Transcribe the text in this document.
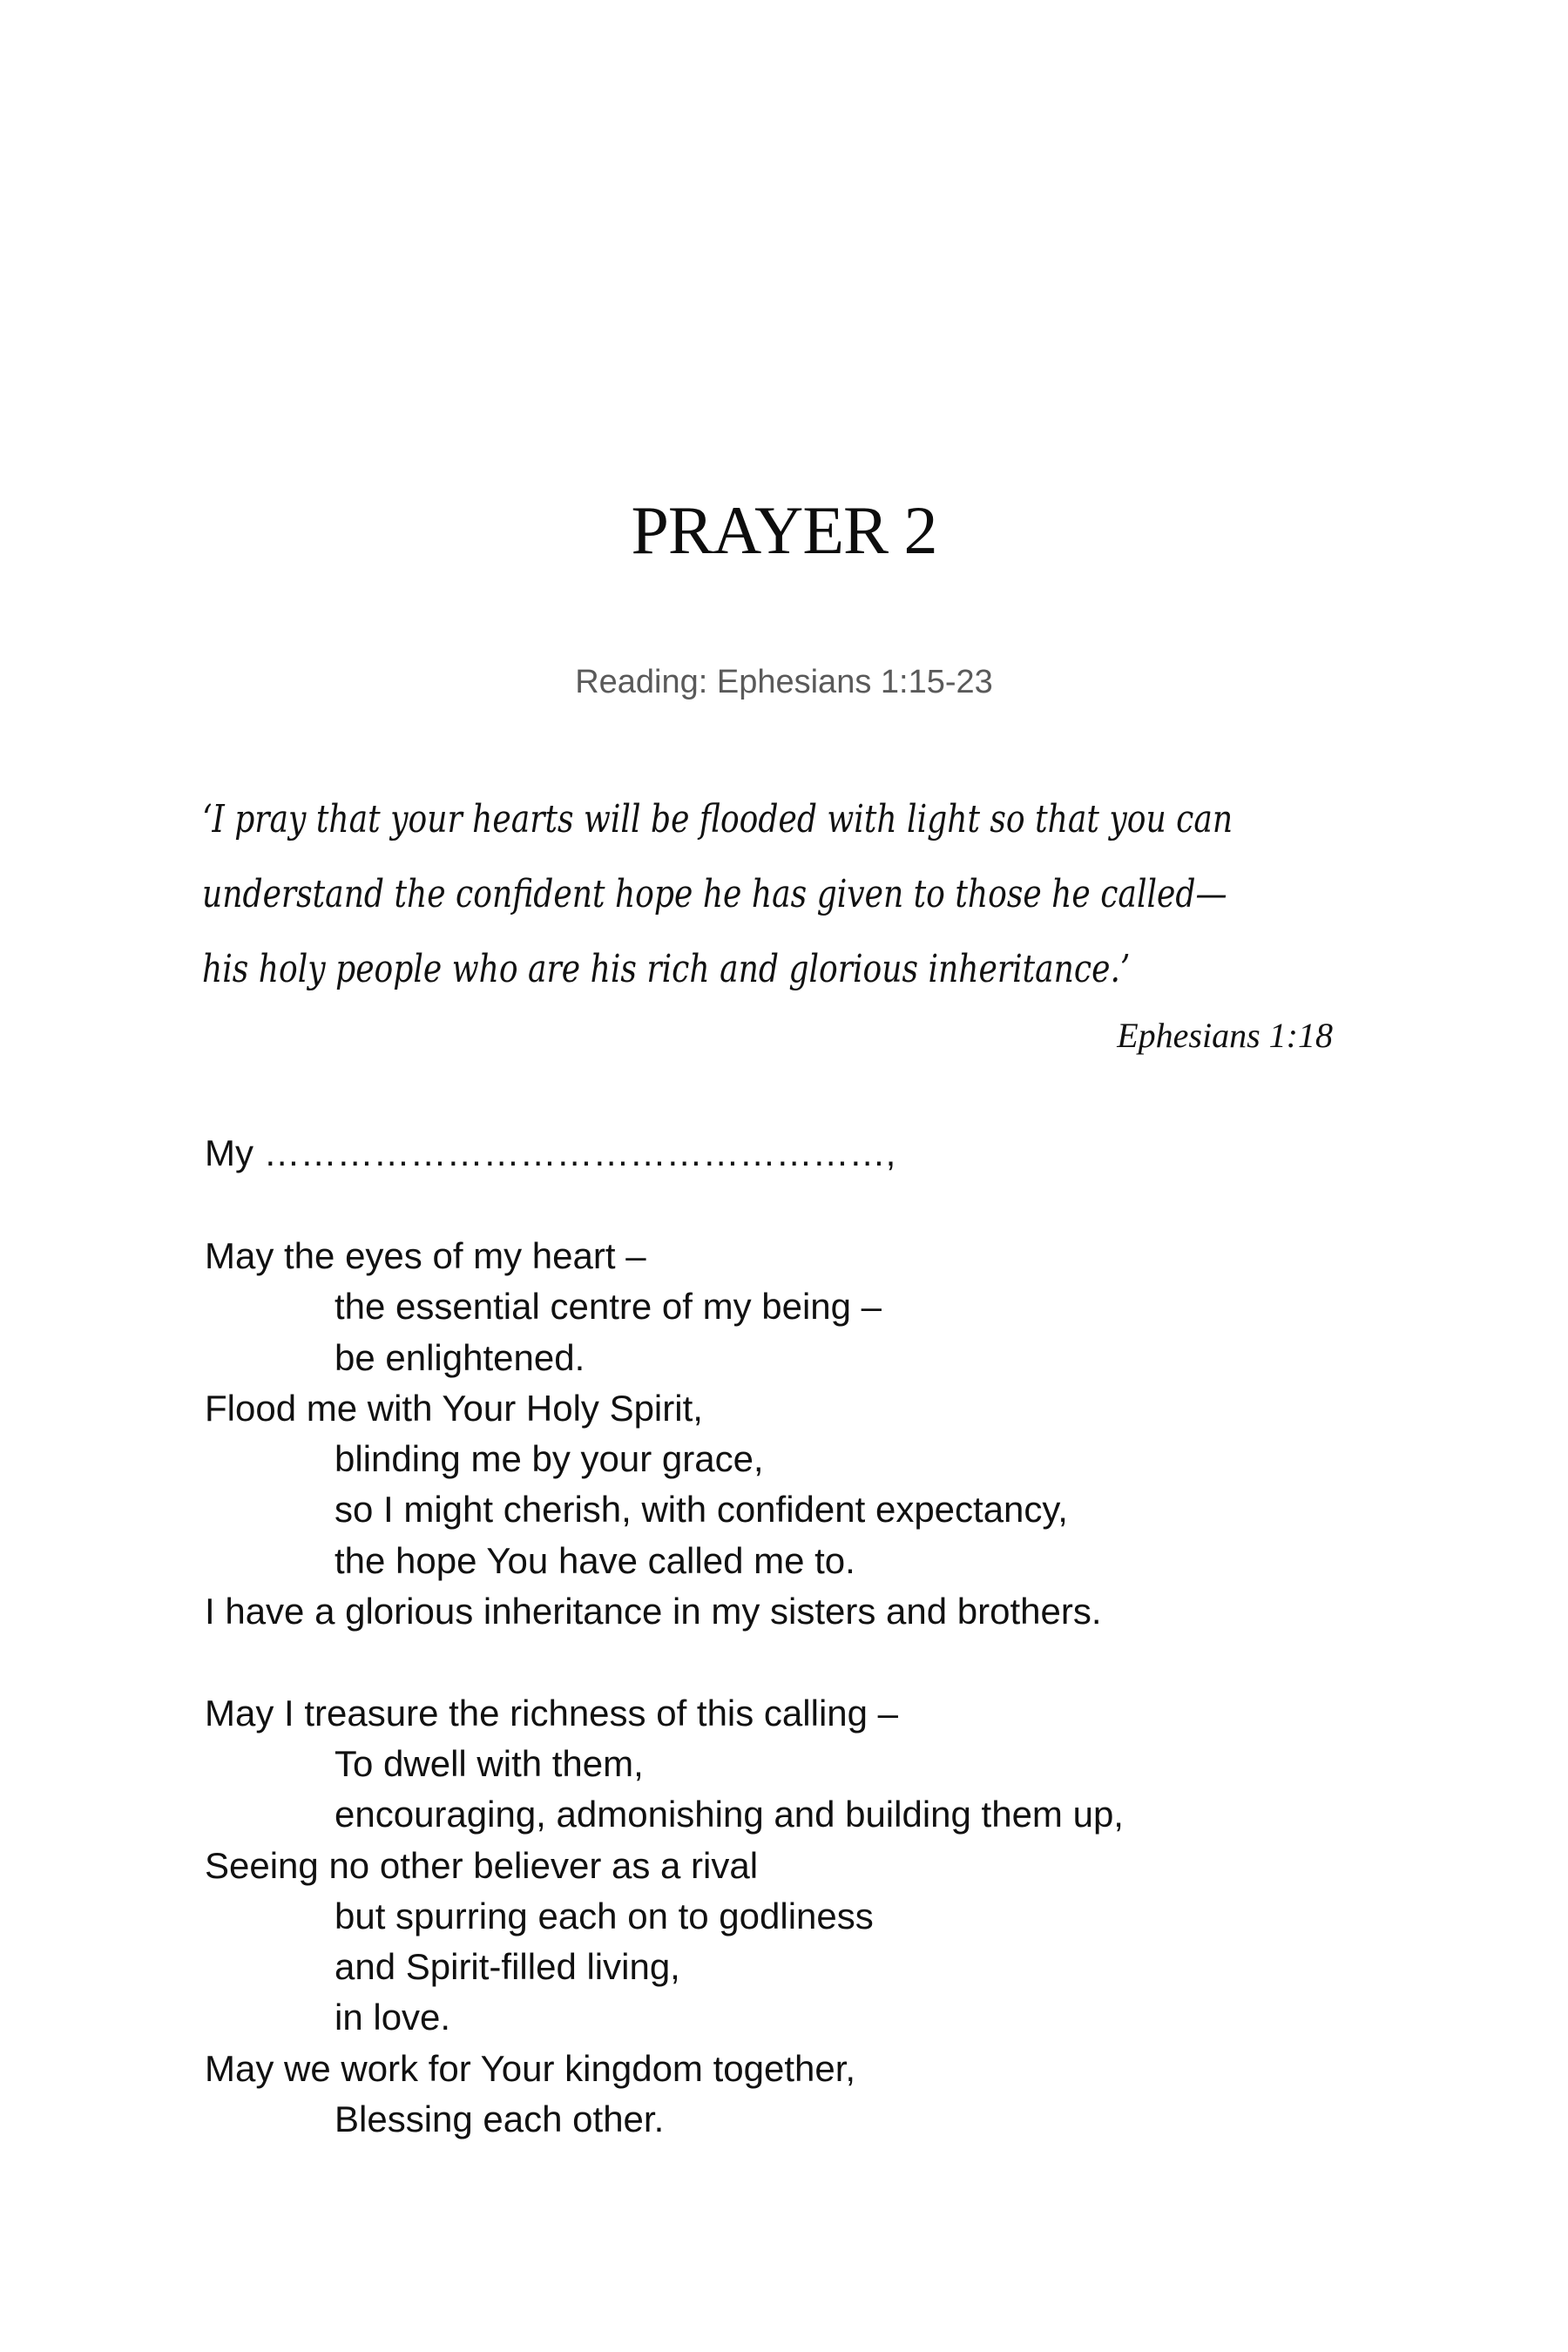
PRAYER 2
Reading: Ephesians 1:15-23
‘I pray that your hearts will be flooded with light so that you can
understand the confident hope he has given to those he called—
his holy people who are his rich and glorious inheritance.’
Ephesians 1:18
My ……………………………………………,
May the eyes of my heart –
the essential centre of my being –
be enlightened.
Flood me with Your Holy Spirit,
blinding me by your grace,
so I might cherish, with confident expectancy,
the hope You have called me to.
I have a glorious inheritance in my sisters and brothers.
May I treasure the richness of this calling –
To dwell with them,
encouraging, admonishing and building them up,
Seeing no other believer as a rival
but spurring each on to godliness
and Spirit-filled living,
in love.
May we work for Your kingdom together,
Blessing each other.
